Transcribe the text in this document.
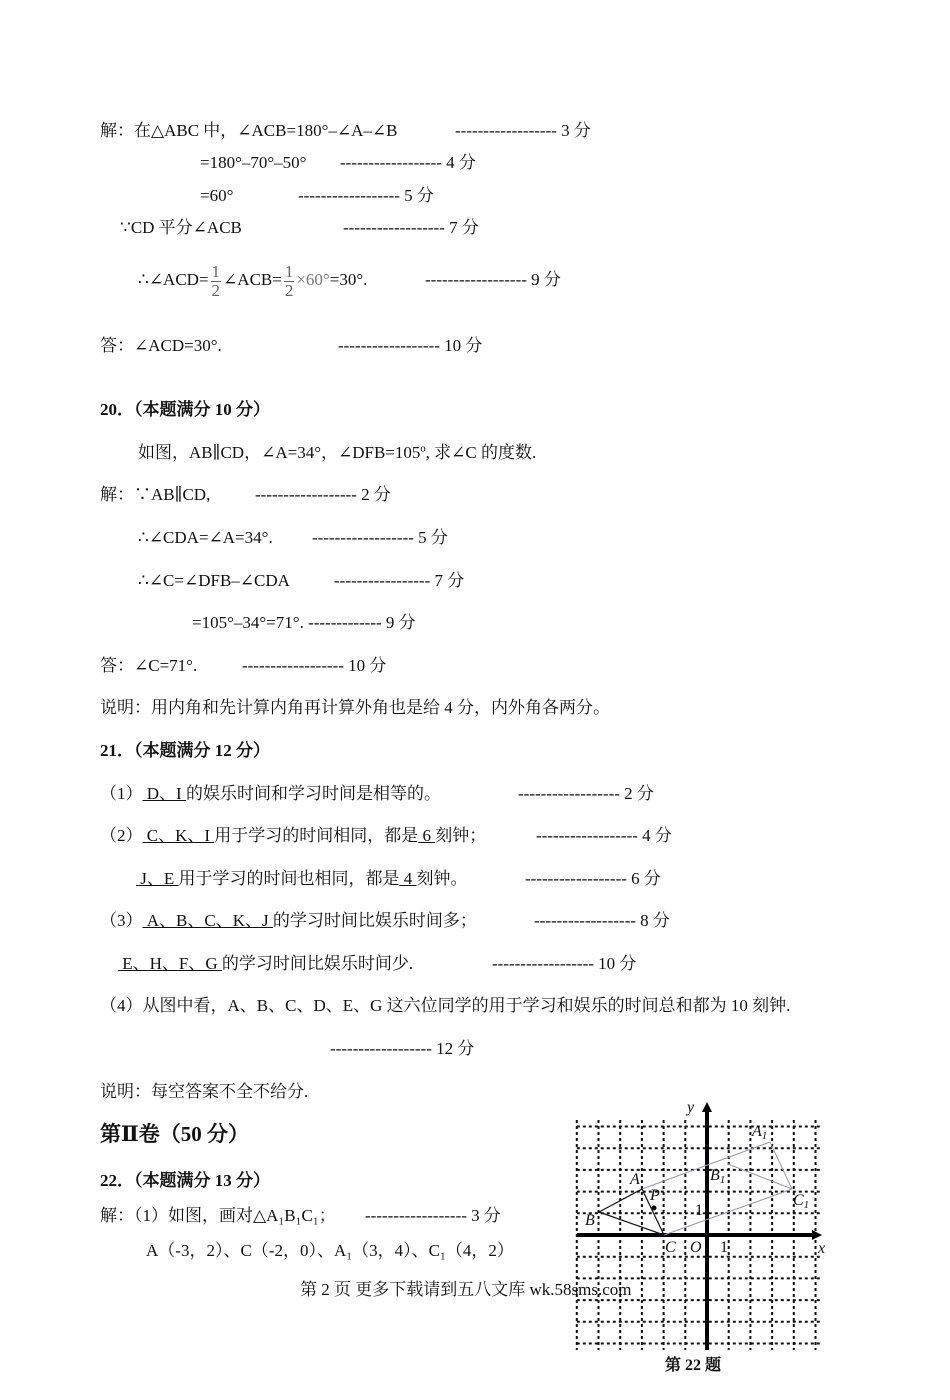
解：在△ABC 中，∠ACB=180°–∠A–∠B	------------------ 3 分
=180°–70°–50° ------------------ 4 分
=60°	------------------ 5 分
∵CD 平分∠ACB	------------------ 7 分
∴∠ACD= $\frac{1}{2}$ ∠ACB= $\frac{1}{2} \times 60^\circ=30^\circ$.	------------------ 9 分
答：∠ACD=30°.	------------------ 10 分
20．（本题满分 10 分）
如图，AB∥CD，∠A=34°，∠DFB=105º, 求∠C 的度数.
解：∵AB∥CD,	------------------ 2 分
∴∠CDA=∠A=34°. ------------------ 5 分
∴∠C=∠DFB–∠CDA	----------------- 7 分
=105°–34°=71°. ------------- 9 分
答：∠C=71°.	------------------ 10 分
说明：用内角和先计算内角再计算外角也是给 4 分，内外角各两分。
21．（本题满分 12 分）
（1） D、I 的娱乐时间和学习时间是相等的。	------------------ 2 分
（2） C、K、I 用于学习的时间相同，都是 6 刻钟；	------------------ 4 分
J、E 用于学习的时间也相同，都是 4 刻钟。	------------------ 6 分
（3） A、B、C、K、J 的学习时间比娱乐时间多；	------------------ 8 分
E、H、F、G 的学习时间比娱乐时间少.	------------------ 10 分
（4）从图中看，A、B、C、D、E、G 这六位同学的用于学习和娱乐的时间总和都为 10 刻钟.
------------------ 12 分
说明：每空答案不全不给分.
第Ⅱ卷（50 分）
22．（本题满分 13 分）
解：（1）如图，画对△A₁B₁C₁； ------------------ 3 分
A（-3，2）、C（-2，0）、A₁（3，4）、C₁（4，2）
第 2 页 更多下载请到五八文库 wk.58sms.com
y
x
O 1
1
A
B
C
P
A1
B1
C1
第 22 题
